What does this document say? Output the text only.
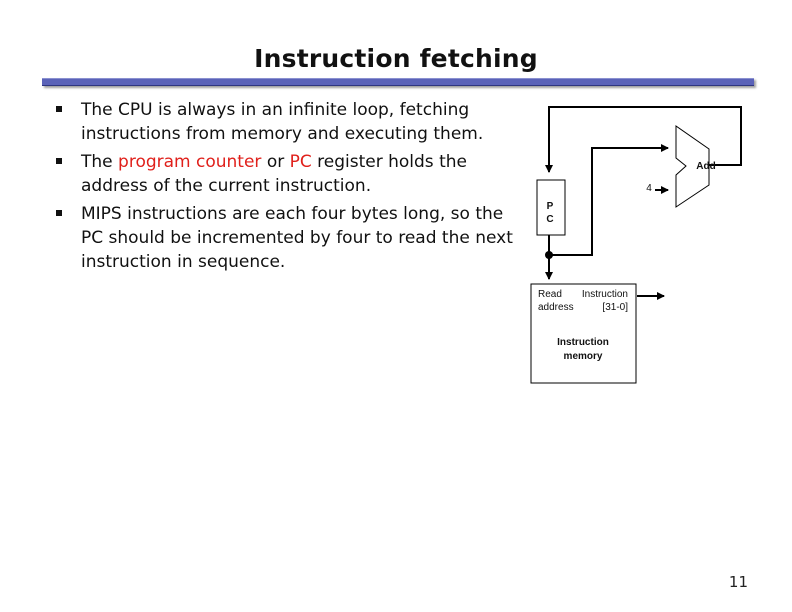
Instruction fetching
The CPU is always in an infinite loop, fetching instructions from memory and executing them.
The program counter or PC register holds the address of the current instruction.
MIPS instructions are each four bytes long, so the PC should be incremented by four to read the next instruction in sequence.
P
C
Add
4
Read
address
Instruction
[31-0]
Instruction
memory
11
